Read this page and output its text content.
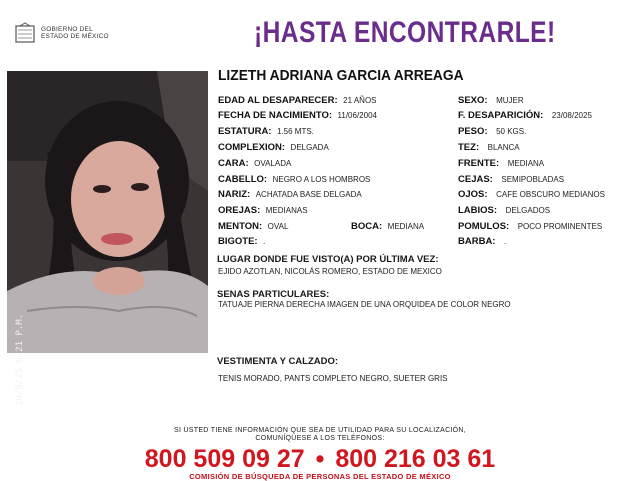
GOBIERNO DEL
ESTADO DE MÉXICO	¡HASTA ENCONTRARLE!
20/5/25 6:21 P.M.
LIZETH ADRIANA GARCIA ARREAGA
EDAD AL DESAPARECER: 21 AÑOS	SEXO: MUJER
FECHA DE NACIMIENTO: 11/06/2004	F. DESAPARICIÓN: 23/08/2025
ESTATURA: 1.56 MTS.	PESO: 50 KGS.
COMPLEXION: DELGADA	TEZ: BLANCA
CARA: OVALADA	FRENTE: MEDIANA
CABELLO: NEGRO A LOS HOMBROS	CEJAS: SEMIPOBLADAS
NARIZ: ACHATADA BASE DELGADA	OJOS: CAFE OBSCURO MEDIANOS
OREJAS: MEDIANAS	LABIOS: DELGADOS
MENTON: OVAL	BOCA: MEDIANA	POMULOS: POCO PROMINENTES
BIGOTE: .	BARBA: .
LUGAR DONDE FUE VISTO(A) POR ÚLTIMA VEZ:
EJIDO AZOTLAN, NICOLÁS ROMERO, ESTADO DE MEXICO
SENAS PARTICULARES:
TATUAJE PIERNA DERECHA IMAGEN DE UNA ORQUIDEA DE COLOR NEGRO
VESTIMENTA Y CALZADO:
TENIS MORADO, PANTS COMPLETO NEGRO, SUETER GRIS
SI USTED TIENE INFORMACIÓN QUE SEA DE UTILIDAD PARA SU LOCALIZACIÓN,
COMUNÍQUESE A LOS TELÉFONOS:
800 509 09 27 • 800 216 03 61
COMISIÓN DE BÚSQUEDA DE PERSONAS DEL ESTADO DE MÉXICO
